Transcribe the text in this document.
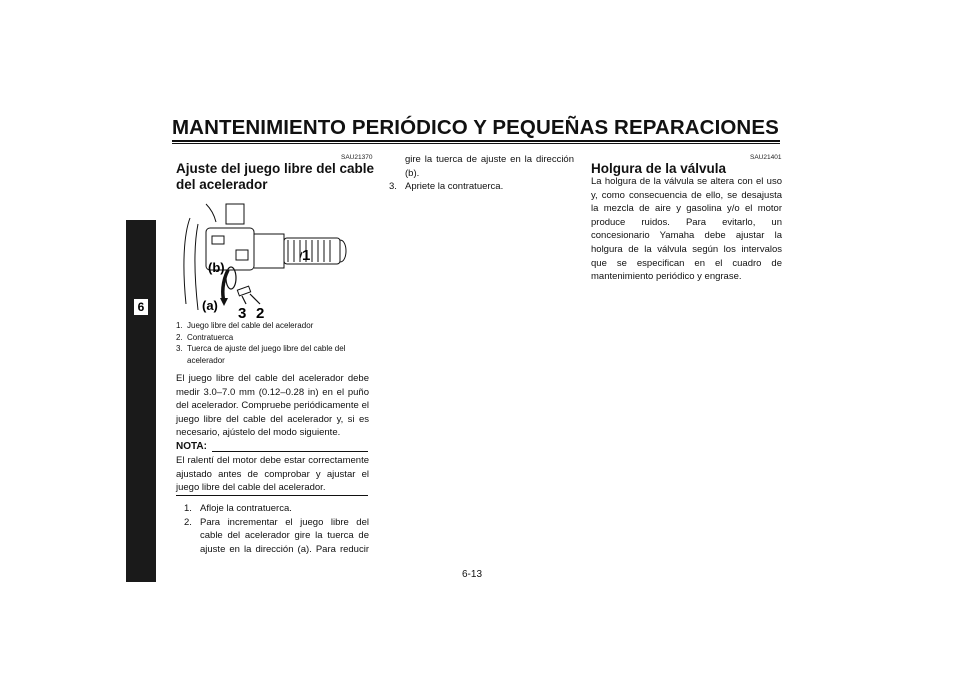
MANTENIMIENTO PERIÓDICO Y PEQUEÑAS REPARACIONES
6
SAU21370
Ajuste del juego libre del cable
del acelerador
1
2
3
(a)
(b)
1. Juego libre del cable del acelerador
2. Contratuerca
3. Tuerca de ajuste del juego libre del cable del acelerador
El juego libre del cable del acelerador debe medir 3.0–7.0 mm (0.12–0.28 in) en el puño del acelerador. Compruebe periódicamente el juego libre del cable del acelerador y, si es necesario, ajústelo del modo siguiente.
NOTA:
El ralentí del motor debe estar correctamente ajustado antes de comprobar y ajustar el juego libre del cable del acelerador.
1. Afloje la contratuerca.
2. Para incrementar el juego libre del cable del acelerador gire la tuerca de ajuste en la dirección (a). Para reducir
gire la tuerca de ajuste en la dirección (b).
3. Apriete la contratuerca.
SAU21401
Holgura de la válvula
La holgura de la válvula se altera con el uso y, como consecuencia de ello, se desajusta la mezcla de aire y gasolina y/o el motor produce ruidos. Para evitarlo, un concesionario Yamaha debe ajustar la holgura de la válvula según los intervalos que se especifican en el cuadro de mantenimiento periódico y engrase.
6-13
